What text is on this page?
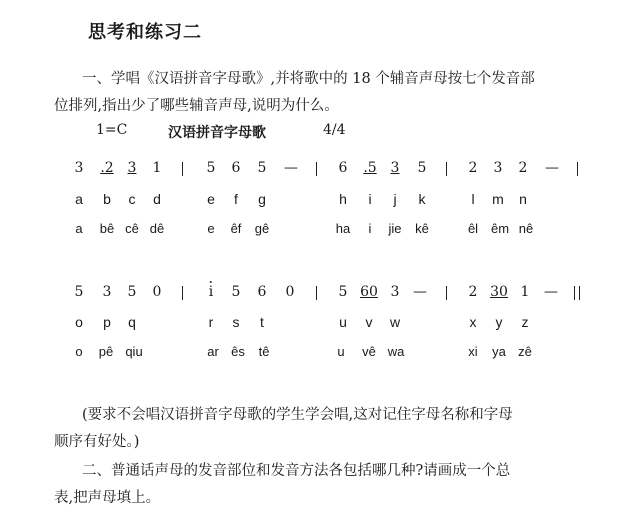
思考和练习二
一、学唱《汉语拼音字母歌》,并将歌中的 18 个辅音声母按七个发音部
位排列,指出少了哪些辅音声母,说明为什么。
1=C	汉语拼音字母歌	4/4
3 .2 3 1	5 6 5 —	6 .5 3 5	2 3 2 —
a b c d	e f g	h i j k	l m n
a bê cê dê	e êf gê	ha i jie kê	êl êm nê
5 3 5 0	i 5 6 0	5 60 3 —	2 30 1 —
o p q	r s t	u v w	x y z
o pê qiu	ar ês tê	u vê wa	xi ya zê
(要求不会唱汉语拼音字母歌的学生学会唱,这对记住字母名称和字母
顺序有好处。)
二、普通话声母的发音部位和发音方法各包括哪几种?请画成一个总
表,把声母填上。
